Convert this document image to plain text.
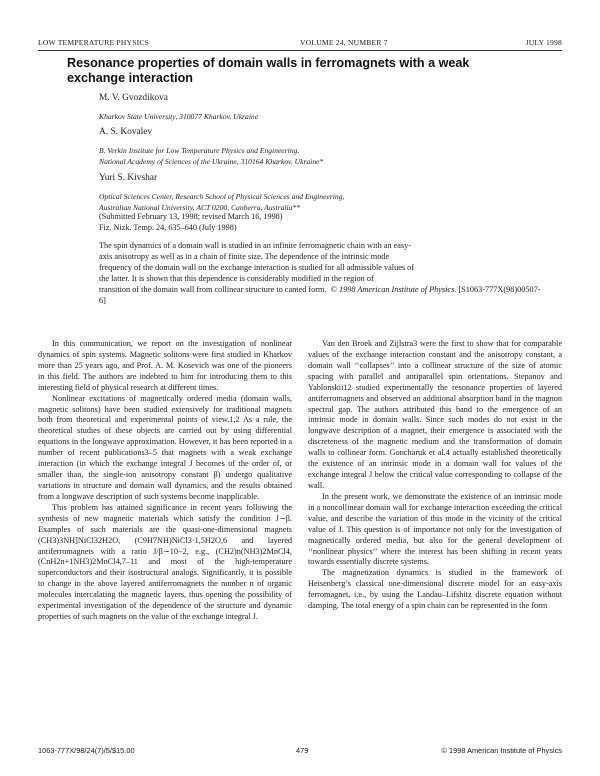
LOW TEMPERATURE PHYSICS	VOLUME 24, NUMBER 7	JULY 1998
Resonance properties of domain walls in ferromagnets with a weak exchange interaction
M. V. Gvozdikova
Kharkov State University, 310077 Kharkov, Ukraine
A. S. Kovalev
B. Verkin Institute for Low Temperature Physics and Engineering,
National Academy of Sciences of the Ukraine, 310164 Kharkov, Ukraine*
Yuri S. Kivshar
Optical Sciences Center, Research School of Physical Sciences and Engineering,
Australian National University, ACT 0200, Canberra, Australia**
(Submitted February 13, 1998; revised March 16, 1998)
Fiz. Nizk. Temp. 24, 635–640 (July 1998)
The spin dynamics of a domain wall is studied in an infinite ferromagnetic chain with an easy-
axis anisotropy as well as in a chain of finite size. The dependence of the intrinsic mode
frequency of the domain wall on the exchange interaction is studied for all admissible values of
the latter. It is shown that this dependence is considerably modified in the region of
transition of the domain wall from collinear structure to canted form. © 1998 American Institute of Physics. [S1063-777X(98)00507-6]

In this communication, we report on the investigation of nonlinear dynamics of spin systems. Magnetic solitons were first studied in Kharkov more than 25 years ago, and Prof. A. M. Kosevich was one of the pioneers in this field. The authors are indebted to him for introducing them to this interesting field of physical research at different times.

Nonlinear excitations of magnetically ordered media (domain walls, magnetic solitons) have been studied extensively for traditional magnets both from theoretical and experimental points of view.1,2 As a rule, the theoretical studies of these objects are carried out by using differential equations in the longwave approximation. However, it has been reported in a number of recent publications3–5 that magnets with a weak exchange interaction (in which the exchange integral J becomes of the order of, or smaller than, the single-ion anisotropy constant β) undergo qualitative variations in structure and domain wall dynamics, and the results obtained from a longwave description of such systems become inapplicable.

This problem has attained significance in recent years following the synthesis of new magnetic materials which satisfy the condition J∼β. Examples of such materials are the quasi-one-dimensional magnets (CH3)3NH]NiCl32H2O, (C9H7NH)NiCl3·1,5H2O,6 and layered antiferromagnets with a ratio J/β∼10−2, e.g., (CH2)n(NH3)2MnCl4, (CnH2n+1NH3)2MnCl4,7–11 and most of the high-temperature superconductors and their isostructural analogs. Significantly, it is possible to change in the above layered antiferromagnets the number n of organic molecules intercalating the magnetic layers, thus opening the possibility of experimental investigation of the dependence of the structure and dynamic properties of such magnets on the value of the exchange integral J.

Van den Broek and Zijlstra3 were the first to show that for comparable values of the exchange interaction constant and the anisotropy constant, a domain wall ‘‘collapses’’ into a collinear structure of the size of atomic spacing with parallel and antiparallel spin orientations. Stepanov and Yablonskii12 studied experimentally the resonance properties of layered antiferromagnets and observed an additional absorption band in the magnon spectral gap. The authors attributed this band to the emergence of an intrinsic mode in domain walls. Since such modes do not exist in the longwave description of a magnet, their emergence is associated with the discreteness of the magnetic medium and the transformation of domain walls to collinear form. Goncharuk et al.4 actually established theoretically the existence of an intrinsic mode in a domain wall for values of the exchange integral J below the critical value corresponding to collapse of the wall.

In the present work, we demonstrate the existence of an intrinsic mode in a noncollinear domain wall for exchange interaction exceeding the critical value, and describe the variation of this mode in the vicinity of the critical value of J. This question is of importance not only for the investigation of magnetically ordered media, but also for the general development of ‘‘nonlinear physics’’ where the interest has been shifting in recent years towards essentially discrete systems.

The magnetization dynamics is studied in the framework of Heisenberg’s classical one-dimensional discrete model for an easy-axis ferromagnet, i.e., by using the Landau–Lifshitz discrete equation without damping. The total energy of a spin chain can be represented in the form

1063-777X/98/24(7)/5/$15.00	479	© 1998 American Institute of Physics
